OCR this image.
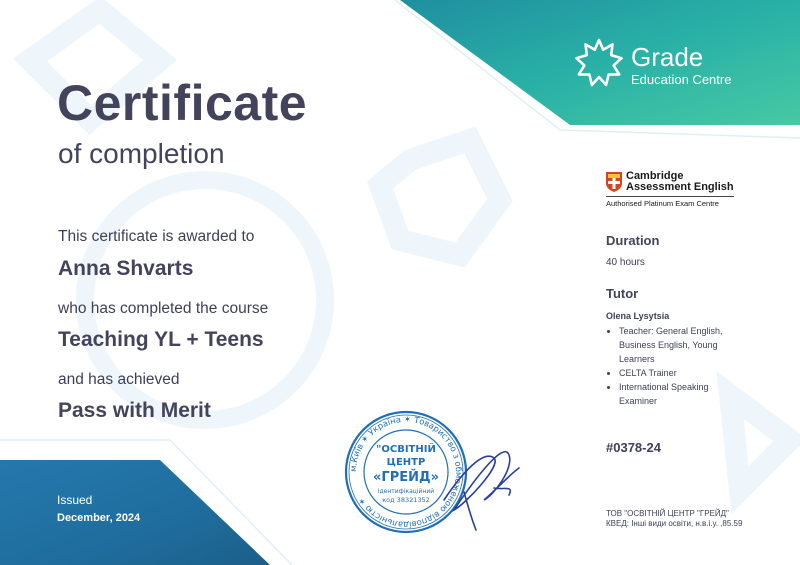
Grade
Education Centre
Certificate
of completion
This certificate is awarded to
Anna Shvarts
who has completed the course
Teaching YL + Teens
and has achieved
Pass with Merit
Cambridge Assessment English
Authorised Platinum Exam Centre
Duration
40 hours
Tutor
Olena Lysytsia
• Teacher: General English, Business English, Young Learners
• CELTA Trainer
• International Speaking Examiner
#0378-24
ТОВ "ОСВІТНІЙ ЦЕНТР "ГРЕЙД"
КВЕД: Інші види освіти, н.в.і.у. ,85.59
Issued
December, 2024
м.Київ ✶ Україна ✶ Товариство з обмеженою відповідальністю ✶
"ОСВІТНІЙ
ЦЕНТР
«ГРЕЙД»
ідентифікаційний
код 38321352
